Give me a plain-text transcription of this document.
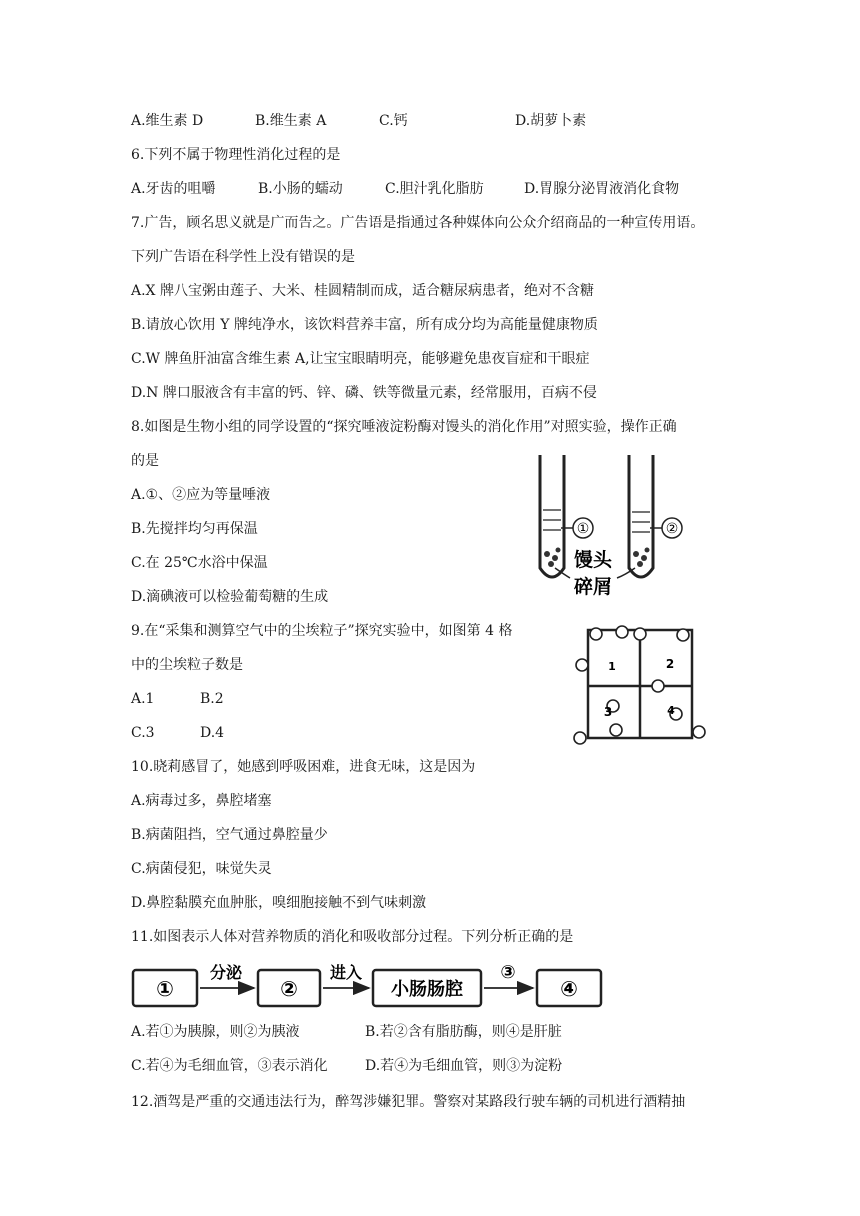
A.维生素 D	B.维生素 A	C.钙	D.胡萝卜素
6.下列不属于物理性消化过程的是
A.牙齿的咀嚼	B.小肠的蠕动	C.胆汁乳化脂肪	D.胃腺分泌胃液消化食物
7.广告，顾名思义就是广而告之。广告语是指通过各种媒体向公众介绍商品的一种宣传用语。
下列广告语在科学性上没有错误的是
A.X 牌八宝粥由莲子、大米、桂圆精制而成，适合糖尿病患者，绝对不含糖
B.请放心饮用 Y 牌纯净水，该饮料营养丰富，所有成分均为高能量健康物质
C.W 牌鱼肝油富含维生素 A,让宝宝眼睛明亮，能够避免患夜盲症和干眼症
D.N 牌口服液含有丰富的钙、锌、磷、铁等微量元素，经常服用，百病不侵
8.如图是生物小组的同学设置的“探究唾液淀粉酶对馒头的消化作用”对照实验，操作正确
的是
A.①、②应为等量唾液
B.先搅拌均匀再保温
C.在 25℃水浴中保温
D.滴碘液可以检验葡萄糖的生成
①	②
馒头
碎屑
9.在“采集和测算空气中的尘埃粒子”探究实验中，如图第 4 格
中的尘埃粒子数是
A.1	B.2
C.3	D.4
1	2
3	4
10.晓莉感冒了，她感到呼吸困难，进食无味，这是因为
A.病毒过多，鼻腔堵塞
B.病菌阻挡，空气通过鼻腔量少
C.病菌侵犯，味觉失灵
D.鼻腔黏膜充血肿胀，嗅细胞接触不到气味刺激
11.如图表示人体对营养物质的消化和吸收部分过程。下列分析正确的是
①
分泌
②
进入
小肠肠腔
③
④
A.若①为胰腺，则②为胰液	B.若②含有脂肪酶，则④是肝脏
C.若④为毛细血管，③表示消化	D.若④为毛细血管，则③为淀粉
12.酒驾是严重的交通违法行为，醉驾涉嫌犯罪。警察对某路段行驶车辆的司机进行酒精抽
